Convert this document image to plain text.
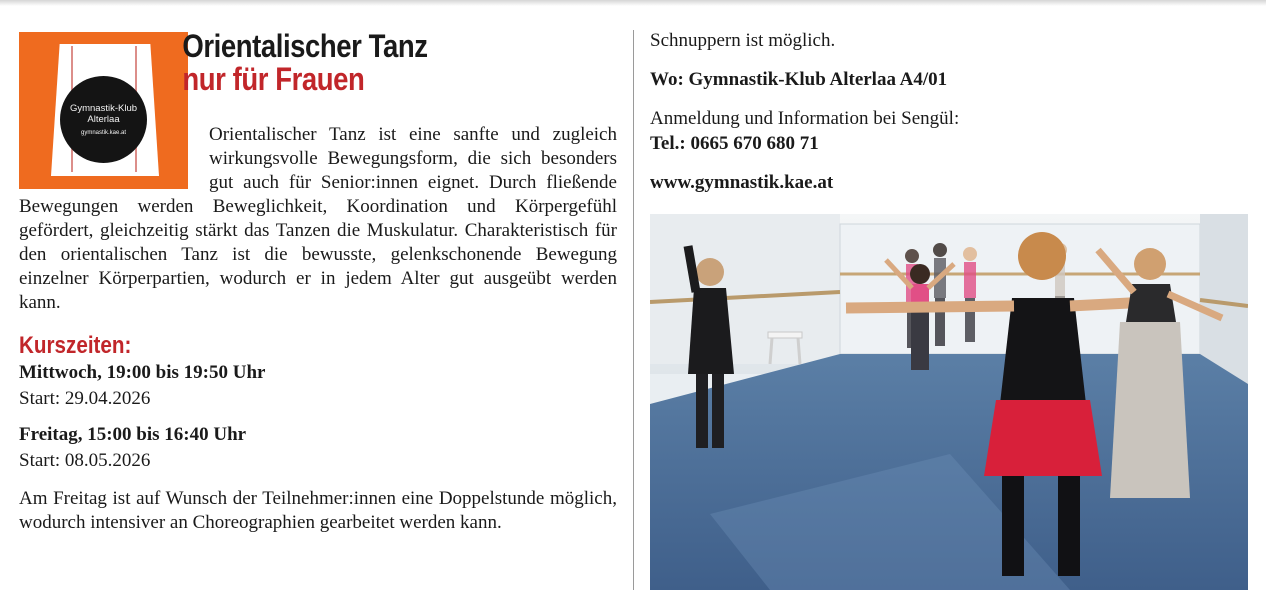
Gymnastik-Klub Alterlaa
gymnastik.kae.at
Orientalischer Tanz
nur für Frauen

Orientalischer Tanz ist eine sanfte und zugleich wirkungsvolle Bewegungsform, die sich besonders gut auch für Senior:innen eignet. Durch fließende Bewegungen werden Beweglichkeit, Koordination und Körpergefühl gefördert, gleichzeitig stärkt das Tanzen die Muskulatur. Charakteristisch für den orientalischen Tanz ist die bewusste, gelenkschonende Bewegung einzelner Körperpartien, wodurch er in jedem Alter gut ausgeübt werden kann.

Kurszeiten:

Mittwoch, 19:00 bis 19:50 Uhr
Start: 29.04.2026

Freitag, 15:00 bis 16:40 Uhr
Start: 08.05.2026

Am Freitag ist auf Wunsch der Teilnehmer:innen eine Doppelstunde möglich, wodurch intensiver an Choreographien gearbeitet werden kann.

Schnuppern ist möglich.

Wo: Gymnastik-Klub Alterlaa A4/01

Anmeldung und Information bei Sengül:

Tel.: 0665 670 680 71

www.gymnastik.kae.at
